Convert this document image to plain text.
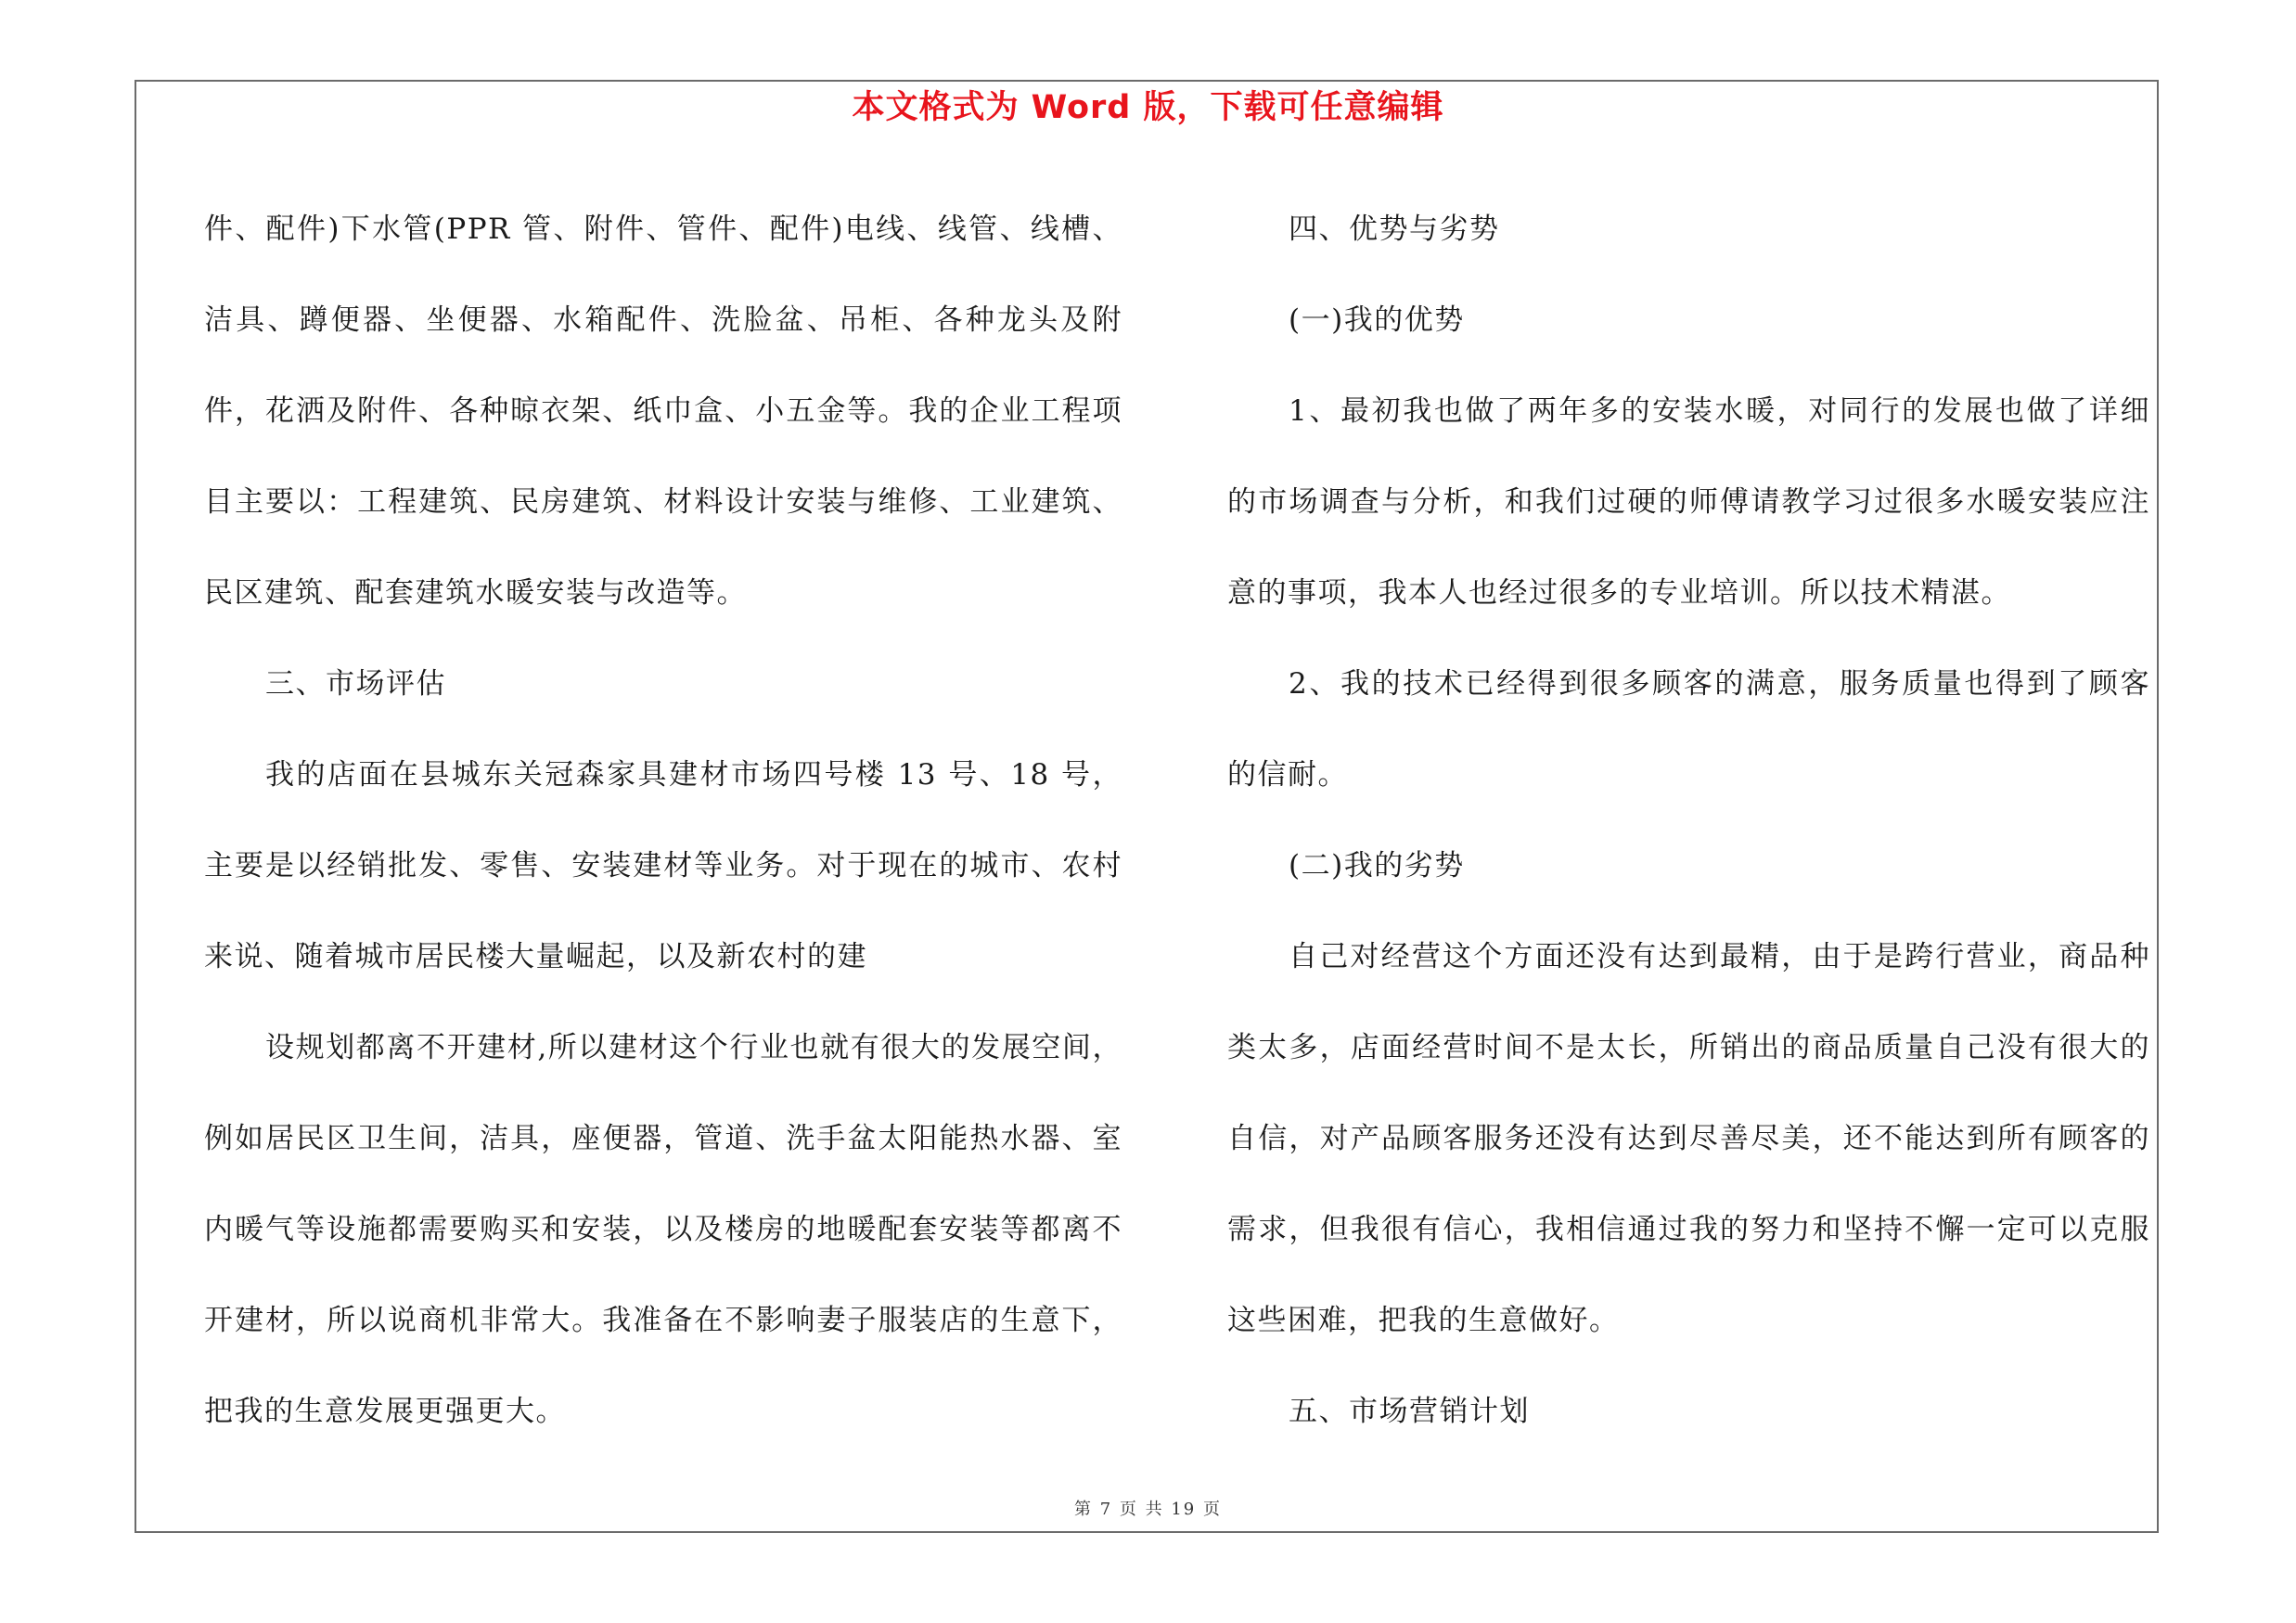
本文格式为 Word 版，下载可任意编辑

件、配件)下水管(PPR 管、附件、管件、配件)电线、线管、线槽、洁具、蹲便器、坐便器、水箱配件、洗脸盆、吊柜、各种龙头及附件，花洒及附件、各种晾衣架、纸巾盒、小五金等。我的企业工程项目主要以：工程建筑、民房建筑、材料设计安装与维修、工业建筑、民区建筑、配套建筑水暖安装与改造等。

三、市场评估

我的店面在县城东关冠森家具建材市场四号楼 13 号、18 号，主要是以经销批发、零售、安装建材等业务。对于现在的城市、农村来说、随着城市居民楼大量崛起，以及新农村的建

设规划都离不开建材,所以建材这个行业也就有很大的发展空间，例如居民区卫生间，洁具，座便器，管道、洗手盆太阳能热水器、室内暖气等设施都需要购买和安装，以及楼房的地暖配套安装等都离不开建材，所以说商机非常大。我准备在不影响妻子服装店的生意下，把我的生意发展更强更大。

四、优势与劣势

(一)我的优势

1、最初我也做了两年多的安装水暖，对同行的发展也做了详细的市场调查与分析，和我们过硬的师傅请教学习过很多水暖安装应注意的事项，我本人也经过很多的专业培训。所以技术精湛。

2、我的技术已经得到很多顾客的满意，服务质量也得到了顾客的信耐。

(二)我的劣势

自己对经营这个方面还没有达到最精，由于是跨行营业，商品种类太多，店面经营时间不是太长，所销出的商品质量自己没有很大的自信，对产品顾客服务还没有达到尽善尽美，还不能达到所有顾客的需求，但我很有信心，我相信通过我的努力和坚持不懈一定可以克服这些困难，把我的生意做好。

五、市场营销计划

第 7 页 共 19 页
